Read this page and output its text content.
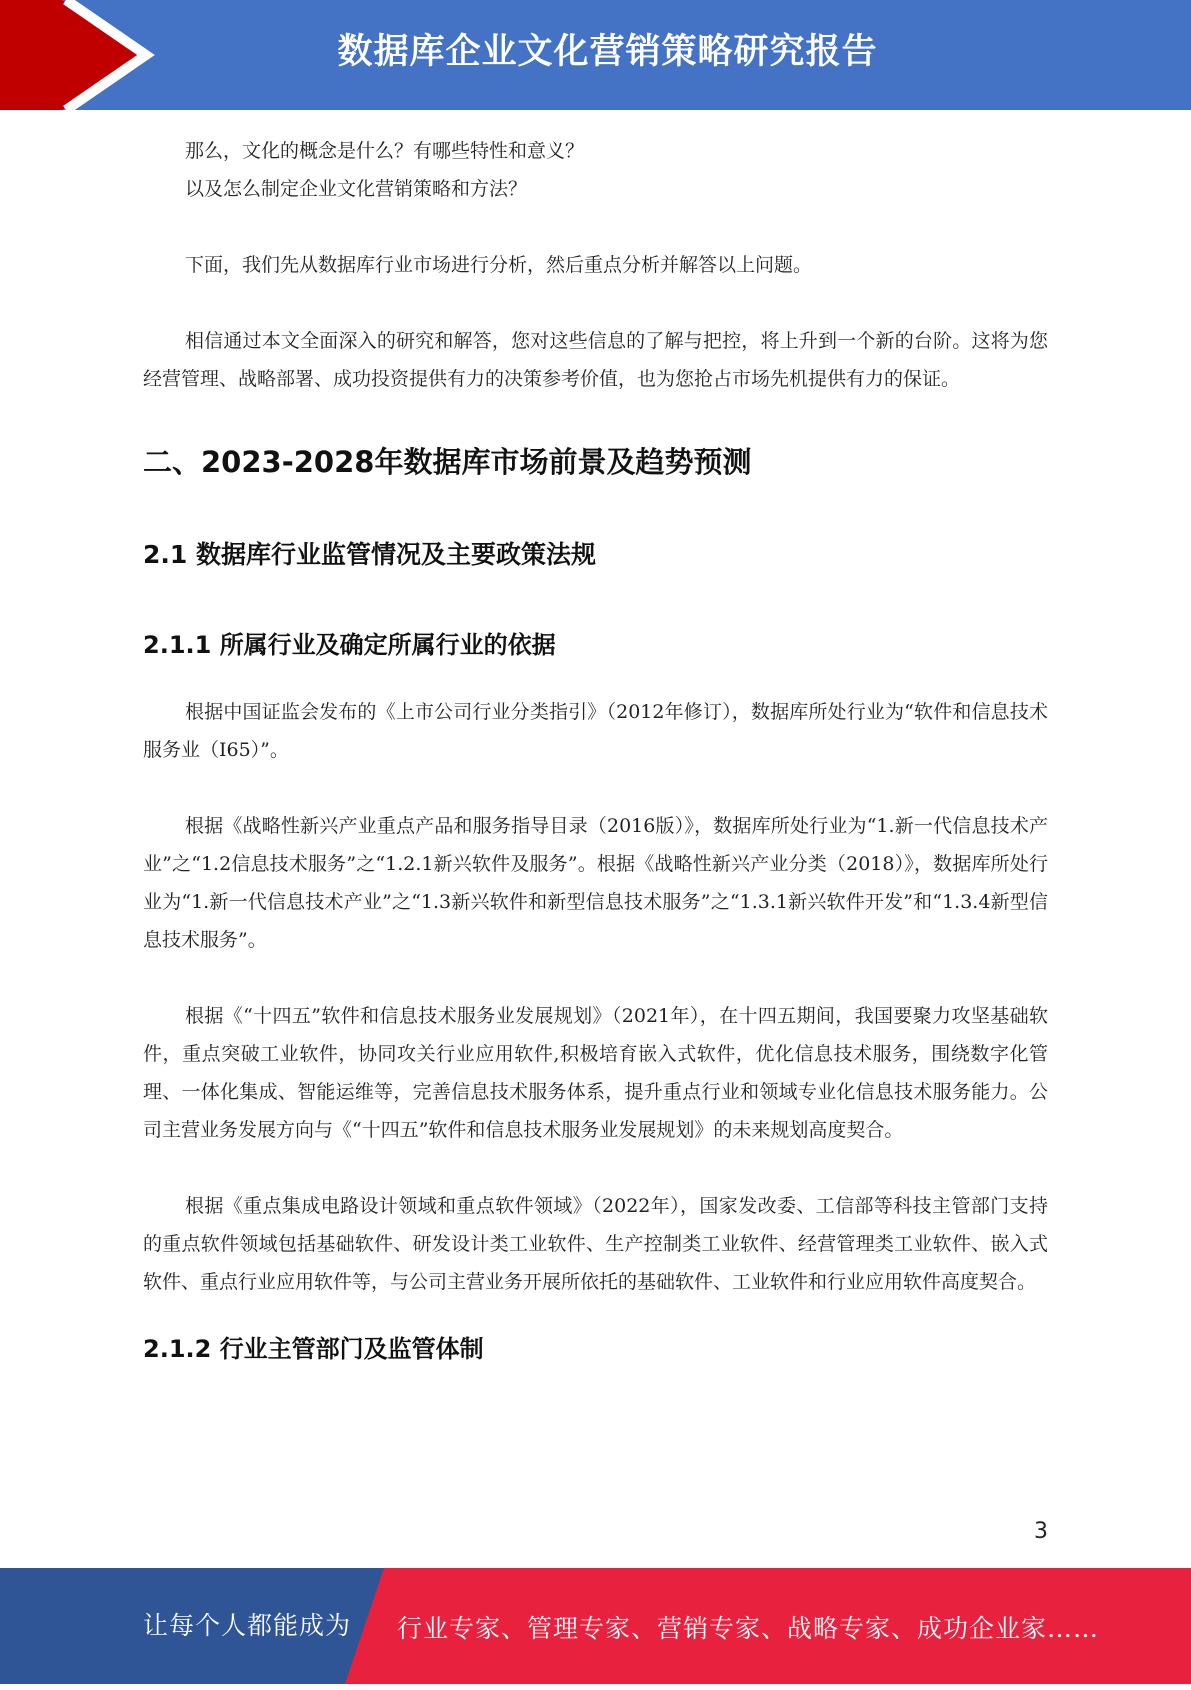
数据库企业文化营销策略研究报告

那么，文化的概念是什么？有哪些特性和意义？

以及怎么制定企业文化营销策略和方法？

下面，我们先从数据库行业市场进行分析，然后重点分析并解答以上问题。

相信通过本文全面深入的研究和解答，您对这些信息的了解与把控，将上升到一个新的台阶。这将为您经营管理、战略部署、成功投资提供有力的决策参考价值，也为您抢占市场先机提供有力的保证。

二、2023-2028年数据库市场前景及趋势预测
2.1 数据库行业监管情况及主要政策法规
2.1.1 所属行业及确定所属行业的依据

根据中国证监会发布的《上市公司行业分类指引》（2012年修订），数据库所处行业为“软件和信息技术服务业（I65）”。

根据《战略性新兴产业重点产品和服务指导目录（2016版）》，数据库所处行业为“1.新一代信息技术产业”之“1.2信息技术服务”之“1.2.1新兴软件及服务”。根据《战略性新兴产业分类（2018）》，数据库所处行业为“1.新一代信息技术产业”之“1.3新兴软件和新型信息技术服务”之“1.3.1新兴软件开发”和“1.3.4新型信息技术服务”。

根据《“十四五”软件和信息技术服务业发展规划》（2021年），在十四五期间，我国要聚力攻坚基础软件，重点突破工业软件，协同攻关行业应用软件,积极培育嵌入式软件，优化信息技术服务，围绕数字化管理、一体化集成、智能运维等，完善信息技术服务体系，提升重点行业和领域专业化信息技术服务能力。公司主营业务发展方向与《“十四五”软件和信息技术服务业发展规划》的未来规划高度契合。

根据《重点集成电路设计领域和重点软件领域》（2022年），国家发改委、工信部等科技主管部门支持的重点软件领域包括基础软件、研发设计类工业软件、生产控制类工业软件、经营管理类工业软件、嵌入式软件、重点行业应用软件等，与公司主营业务开展所依托的基础软件、工业软件和行业应用软件高度契合。

2.1.2 行业主管部门及监管体制
3
让每个人都能成为 行业专家、管理专家、营销专家、战略专家、成功企业家……
